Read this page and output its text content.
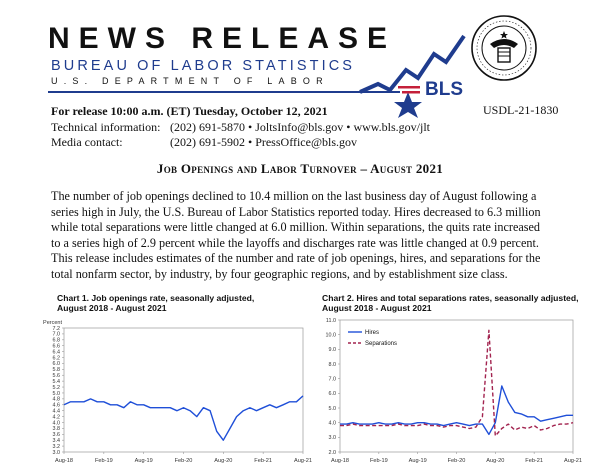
NEWS RELEASE
BUREAU OF LABOR STATISTICS
U.S. DEPARTMENT OF LABOR	BLS
For release 10:00 a.m. (ET) Tuesday, October 12, 2021	USDL-21-1830
Technical information: (202) 691-5870 • JoltsInfo@bls.gov • www.bls.gov/jlt
Media contact:	(202) 691-5902 • PressOffice@bls.gov
Job Openings and Labor Turnover – August 2021
The number of job openings declined to 10.4 million on the last business day of August following a series high in July, the U.S. Bureau of Labor Statistics reported today. Hires decreased to 6.3 million while total separations were little changed at 6.0 million. Within separations, the quits rate increased to a series high of 2.9 percent while the layoffs and discharges rate was little changed at 0.9 percent. This release includes estimates of the number and rate of job openings, hires, and separations for the total nonfarm sector, by industry, by four geographic regions, and by establishment size class.
Chart 1. Job openings rate, seasonally adjusted, August 2018 - August 2021
Percent
3.0
3.2
3.4
3.6
3.8
4.0
4.2
4.4
4.6
4.8
5.0
5.2
5.4
5.6
5.8
6.0
6.2
6.4
6.6
6.8
7.0
7.2
Aug-18	Feb-19	Aug-19	Feb-20	Aug-20	Feb-21	Aug-21
Chart 2. Hires and total separations rates, seasonally adjusted, August 2018 - August 2021
2.0
3.0
4.0
5.0
6.0
7.0
8.0
9.0
10.0
11.0
Aug-18	Feb-19	Aug-19	Feb-20	Aug-20	Feb-21	Aug-21
Hires
Separations
